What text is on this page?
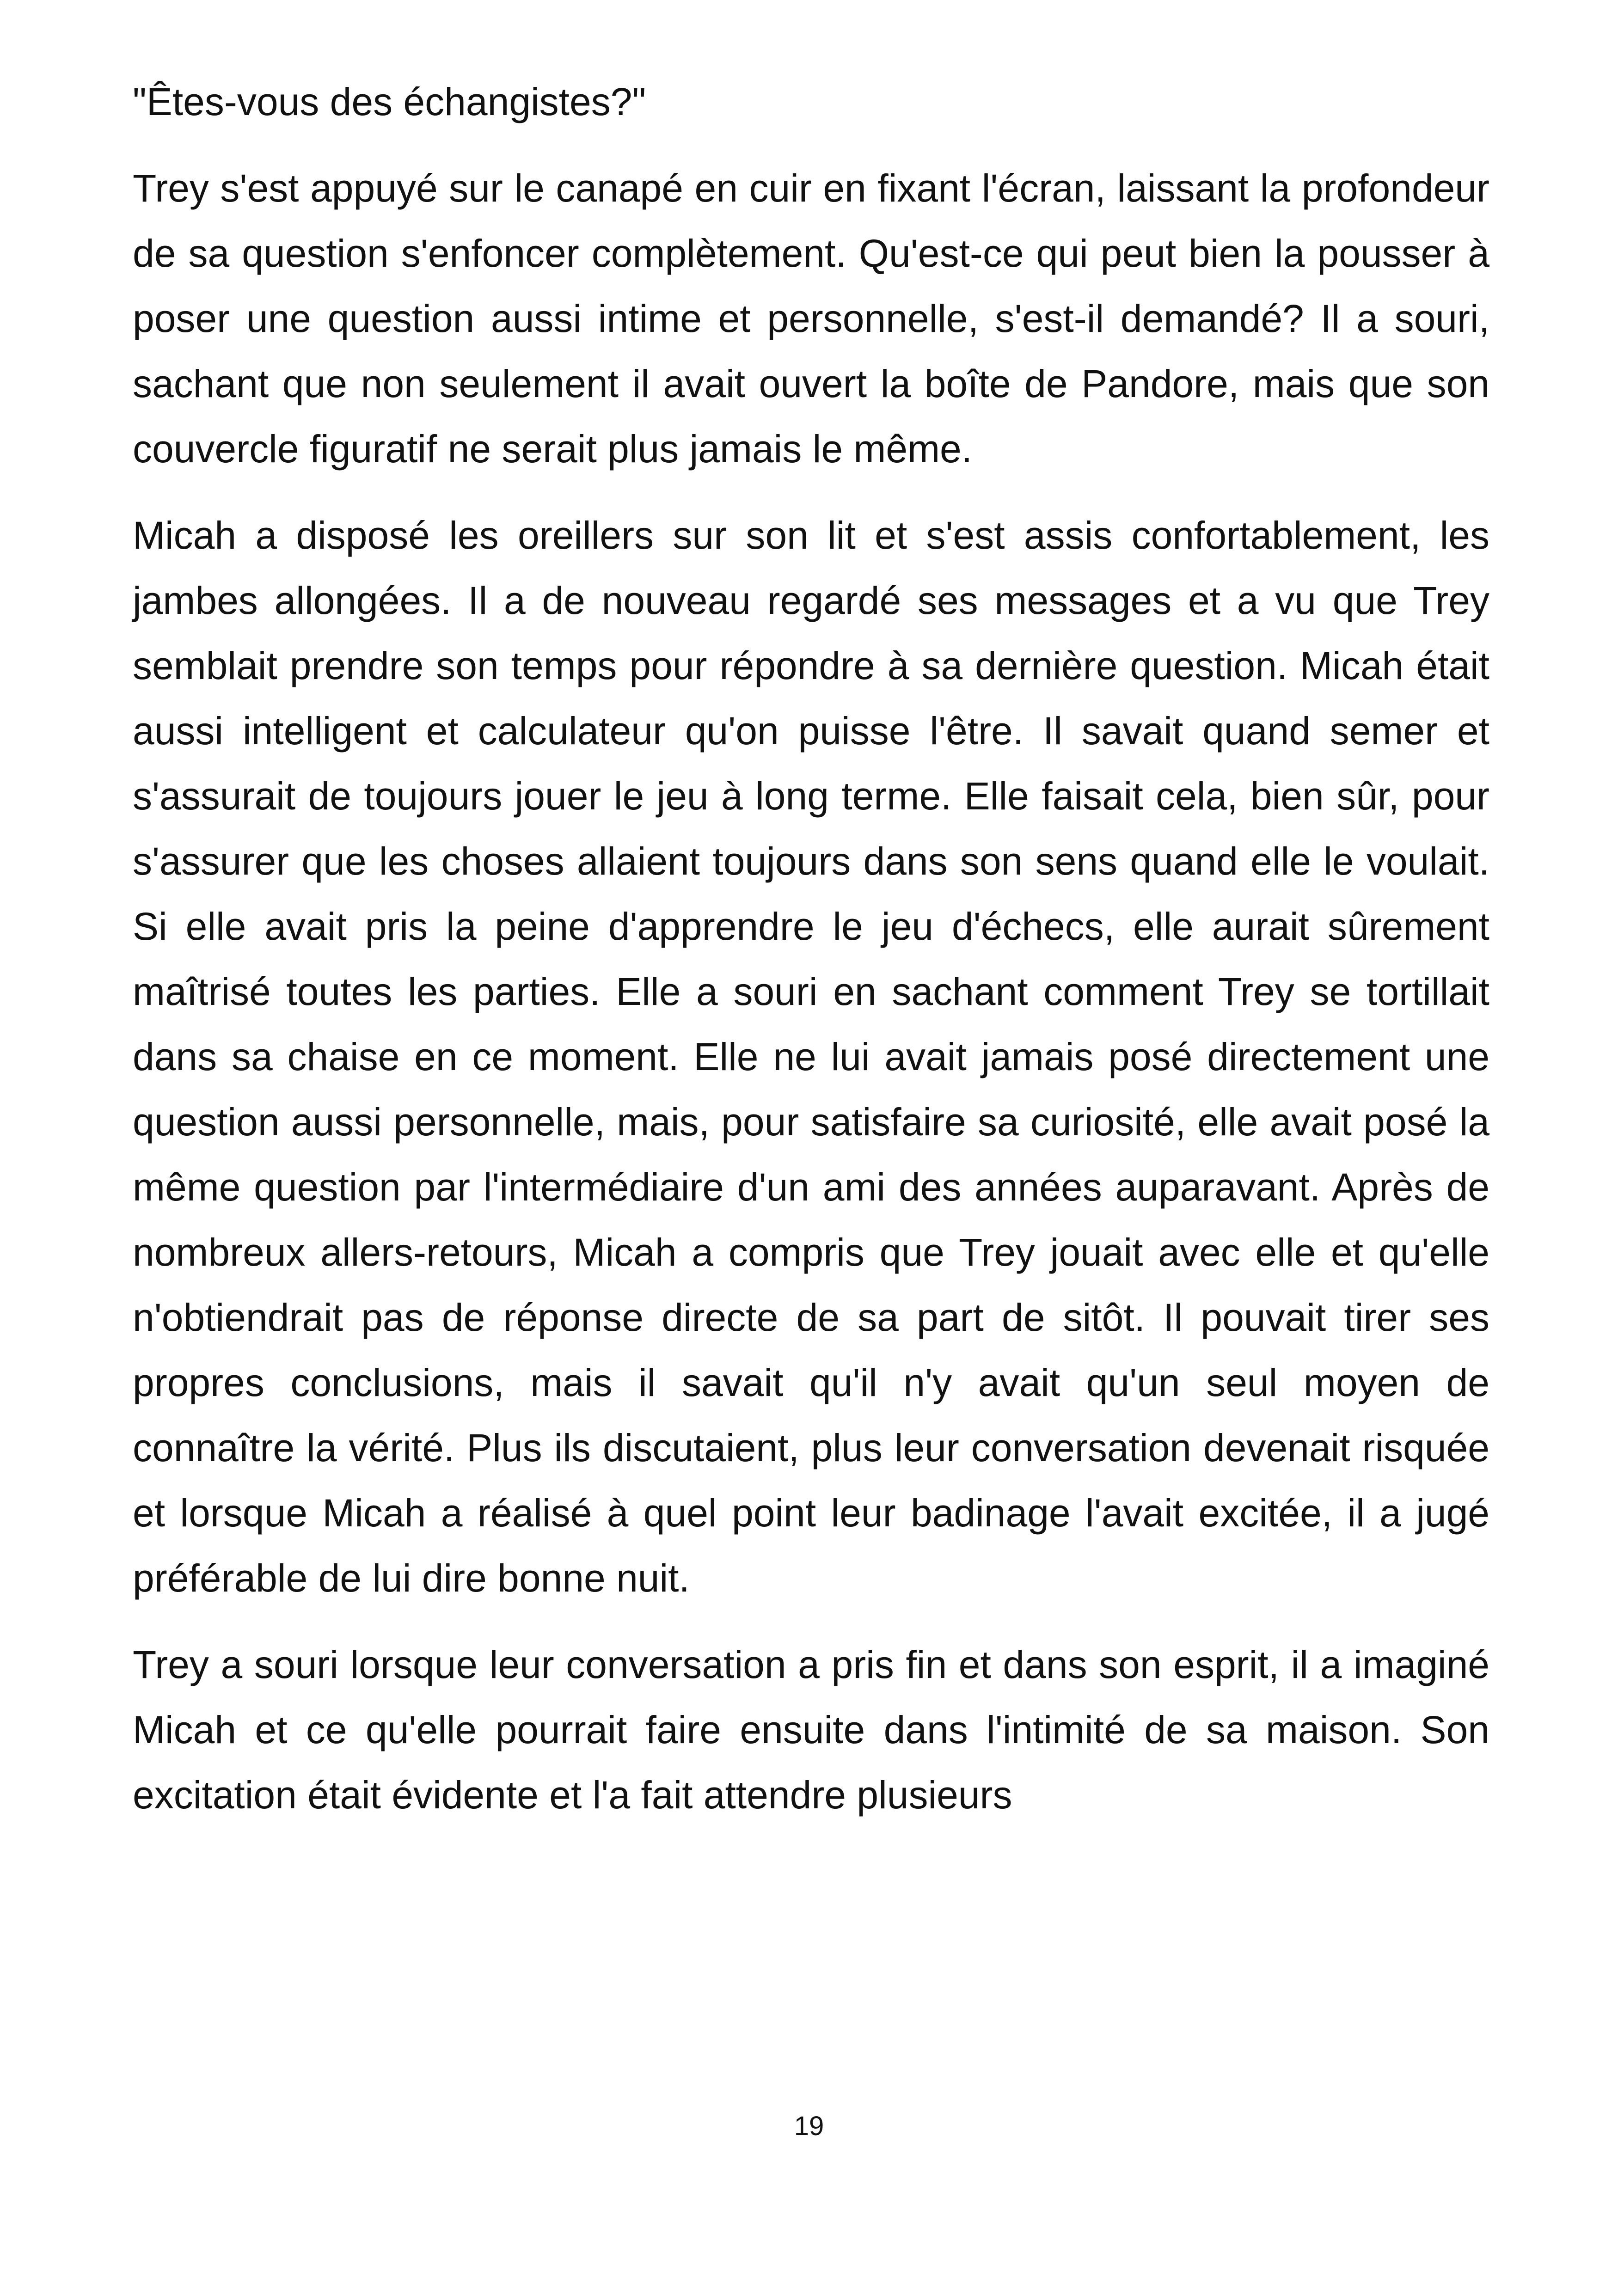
"Êtes-vous des échangistes?"

Trey s'est appuyé sur le canapé en cuir en fixant l'écran, laissant la profondeur de sa question s'enfoncer complètement. Qu'est-ce qui peut bien la pousser à poser une question aussi intime et personnelle, s'est-il demandé? Il a souri, sachant que non seulement il avait ouvert la boîte de Pandore, mais que son couvercle figuratif ne serait plus jamais le même.

Micah a disposé les oreillers sur son lit et s'est assis confortablement, les jambes allongées. Il a de nouveau regardé ses messages et a vu que Trey semblait prendre son temps pour répondre à sa dernière question. Micah était aussi intelligent et calculateur qu'on puisse l'être. Il savait quand semer et s'assurait de toujours jouer le jeu à long terme. Elle faisait cela, bien sûr, pour s'assurer que les choses allaient toujours dans son sens quand elle le voulait. Si elle avait pris la peine d'apprendre le jeu d'échecs, elle aurait sûrement maîtrisé toutes les parties. Elle a souri en sachant comment Trey se tortillait dans sa chaise en ce moment. Elle ne lui avait jamais posé directement une question aussi personnelle, mais, pour satisfaire sa curiosité, elle avait posé la même question par l'intermédiaire d'un ami des années auparavant. Après de nombreux allers-retours, Micah a compris que Trey jouait avec elle et qu'elle n'obtiendrait pas de réponse directe de sa part de sitôt. Il pouvait tirer ses propres conclusions, mais il savait qu'il n'y avait qu'un seul moyen de connaître la vérité. Plus ils discutaient, plus leur conversation devenait risquée et lorsque Micah a réalisé à quel point leur badinage l'avait excitée, il a jugé préférable de lui dire bonne nuit.

Trey a souri lorsque leur conversation a pris fin et dans son esprit, il a imaginé Micah et ce qu'elle pourrait faire ensuite dans l'intimité de sa maison. Son excitation était évidente et l'a fait attendre plusieurs

19
